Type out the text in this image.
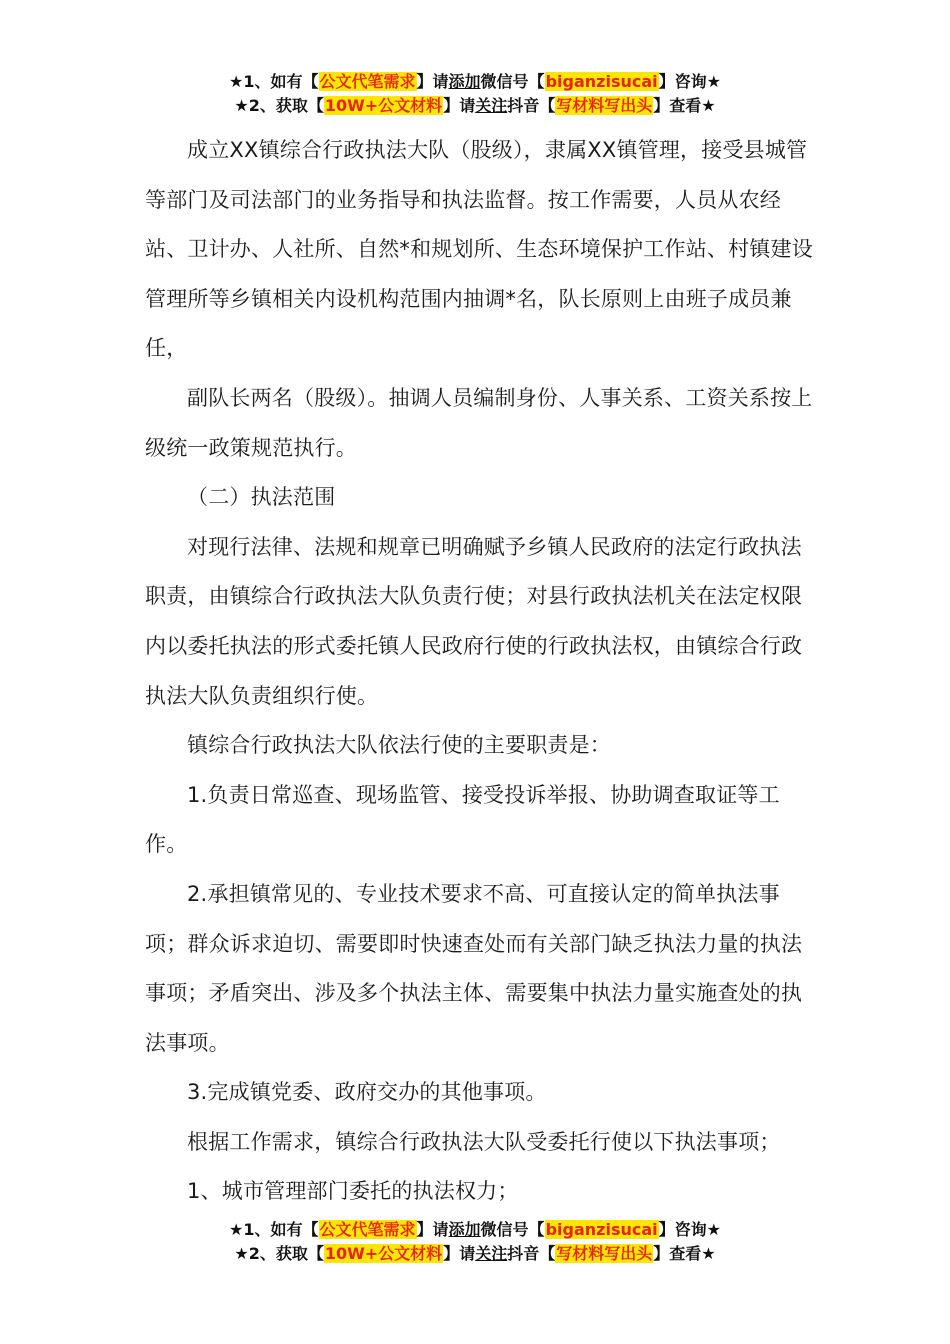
★1、如有【公文代笔需求】请添加微信号【biganzisucai】咨询★
★2、获取【10W+公文材料】请关注抖音【写材料写出头】查看★

成立XX镇综合行政执法大队（股级），隶属XX镇管理，接受县城管等部门及司法部门的业务指导和执法监督。按工作需要，人员从农经站、卫计办、人社所、自然*和规划所、生态环境保护工作站、村镇建设管理所等乡镇相关内设机构范围内抽调*名，队长原则上由班子成员兼任，

副队长两名（股级）。抽调人员编制身份、人事关系、工资关系按上级统一政策规范执行。

（二）执法范围

对现行法律、法规和规章已明确赋予乡镇人民政府的法定行政执法职责，由镇综合行政执法大队负责行使；对县行政执法机关在法定权限内以委托执法的形式委托镇人民政府行使的行政执法权，由镇综合行政执法大队负责组织行使。

镇综合行政执法大队依法行使的主要职责是：

1.负责日常巡查、现场监管、接受投诉举报、协助调查取证等工作。

2.承担镇常见的、专业技术要求不高、可直接认定的简单执法事项；群众诉求迫切、需要即时快速查处而有关部门缺乏执法力量的执法事项；矛盾突出、涉及多个执法主体、需要集中执法力量实施查处的执法事项。

3.完成镇党委、政府交办的其他事项。

根据工作需求，镇综合行政执法大队受委托行使以下执法事项；

1、城市管理部门委托的执法权力；

★1、如有【公文代笔需求】请添加微信号【biganzisucai】咨询★
★2、获取【10W+公文材料】请关注抖音【写材料写出头】查看★
